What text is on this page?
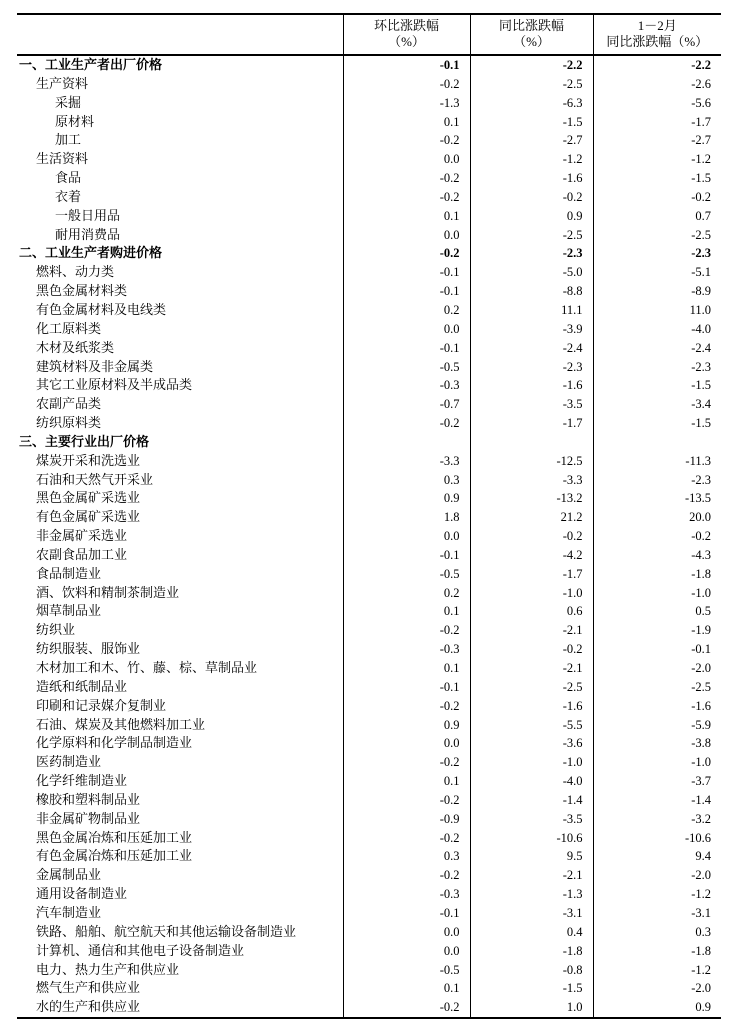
环比涨跌幅
（%）

同比涨跌幅
（%）

1－2月
同比涨跌幅（%）

一、工业生产者出厂价格	-0.1	-2.2	-2.2
生产资料	-0.2	-2.5	-2.6
采掘	-1.3	-6.3	-5.6
原材料	0.1	-1.5	-1.7
加工	-0.2	-2.7	-2.7
生活资料	0.0	-1.2	-1.2
食品	-0.2	-1.6	-1.5
衣着	-0.2	-0.2	-0.2
一般日用品	0.1	0.9	0.7
耐用消费品	0.0	-2.5	-2.5
二、工业生产者购进价格	-0.2	-2.3	-2.3
燃料、动力类	-0.1	-5.0	-5.1
黑色金属材料类	-0.1	-8.8	-8.9
有色金属材料及电线类	0.2	11.1	11.0
化工原料类	0.0	-3.9	-4.0
木材及纸浆类	-0.1	-2.4	-2.4
建筑材料及非金属类	-0.5	-2.3	-2.3
其它工业原材料及半成品类	-0.3	-1.6	-1.5
农副产品类	-0.7	-3.5	-3.4
纺织原料类	-0.2	-1.7	-1.5
三、主要行业出厂价格			
煤炭开采和洗选业	-3.3	-12.5	-11.3
石油和天然气开采业	0.3	-3.3	-2.3
黑色金属矿采选业	0.9	-13.2	-13.5
有色金属矿采选业	1.8	21.2	20.0
非金属矿采选业	0.0	-0.2	-0.2
农副食品加工业	-0.1	-4.2	-4.3
食品制造业	-0.5	-1.7	-1.8
酒、饮料和精制茶制造业	0.2	-1.0	-1.0
烟草制品业	0.1	0.6	0.5
纺织业	-0.2	-2.1	-1.9
纺织服装、服饰业	-0.3	-0.2	-0.1
木材加工和木、竹、藤、棕、草制品业	0.1	-2.1	-2.0
造纸和纸制品业	-0.1	-2.5	-2.5
印刷和记录媒介复制业	-0.2	-1.6	-1.6
石油、煤炭及其他燃料加工业	0.9	-5.5	-5.9
化学原料和化学制品制造业	0.0	-3.6	-3.8
医药制造业	-0.2	-1.0	-1.0
化学纤维制造业	0.1	-4.0	-3.7
橡胶和塑料制品业	-0.2	-1.4	-1.4
非金属矿物制品业	-0.9	-3.5	-3.2
黑色金属冶炼和压延加工业	-0.2	-10.6	-10.6
有色金属冶炼和压延加工业	0.3	9.5	9.4
金属制品业	-0.2	-2.1	-2.0
通用设备制造业	-0.3	-1.3	-1.2
汽车制造业	-0.1	-3.1	-3.1
铁路、船舶、航空航天和其他运输设备制造业	0.0	0.4	0.3
计算机、通信和其他电子设备制造业	0.0	-1.8	-1.8
电力、热力生产和供应业	-0.5	-0.8	-1.2
燃气生产和供应业	0.1	-1.5	-2.0
水的生产和供应业	-0.2	1.0	0.9
